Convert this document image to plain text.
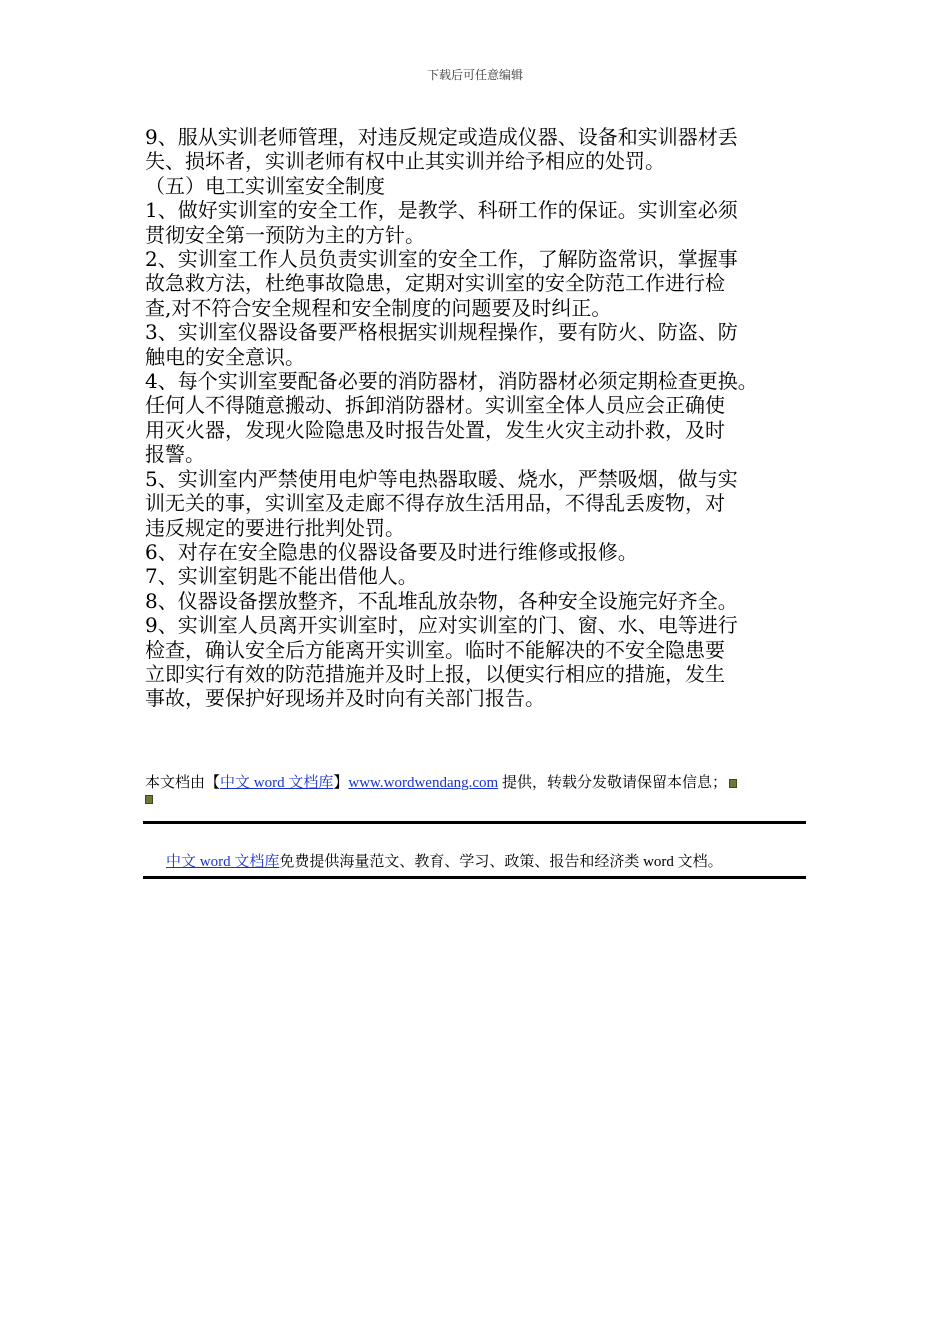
下载后可任意编辑

9、服从实训老师管理，对违反规定或造成仪器、设备和实训器材丢

失、损坏者，实训老师有权中止其实训并给予相应的处罚。

（五）电工实训室安全制度

1、做好实训室的安全工作，是教学、科研工作的保证。实训室必须

贯彻安全第一预防为主的方针。

2、实训室工作人员负责实训室的安全工作，了解防盗常识，掌握事

故急救方法，杜绝事故隐患，定期对实训室的安全防范工作进行检

查,对不符合安全规程和安全制度的问题要及时纠正。

3、实训室仪器设备要严格根据实训规程操作，要有防火、防盗、防

触电的安全意识。

4、每个实训室要配备必要的消防器材，消防器材必须定期检查更换。

任何人不得随意搬动、拆卸消防器材。实训室全体人员应会正确使

用灭火器，发现火险隐患及时报告处置，发生火灾主动扑救，及时

报警。

5、实训室内严禁使用电炉等电热器取暖、烧水，严禁吸烟，做与实

训无关的事，实训室及走廊不得存放生活用品，不得乱丢废物，对

违反规定的要进行批判处罚。

6、对存在安全隐患的仪器设备要及时进行维修或报修。

7、实训室钥匙不能出借他人。

8、仪器设备摆放整齐，不乱堆乱放杂物，各种安全设施完好齐全。

9、实训室人员离开实训室时，应对实训室的门、窗、水、电等进行

检查，确认安全后方能离开实训室。临时不能解决的不安全隐患要

立即实行有效的防范措施并及时上报，以便实行相应的措施，发生

事故，要保护好现场并及时向有关部门报告。

本文档由【中文 word 文档库】www.wordwendang.com 提供，转载分发敬请保留本信息；
中文 word 文档库免费提供海量范文、教育、学习、政策、报告和经济类 word 文档。
